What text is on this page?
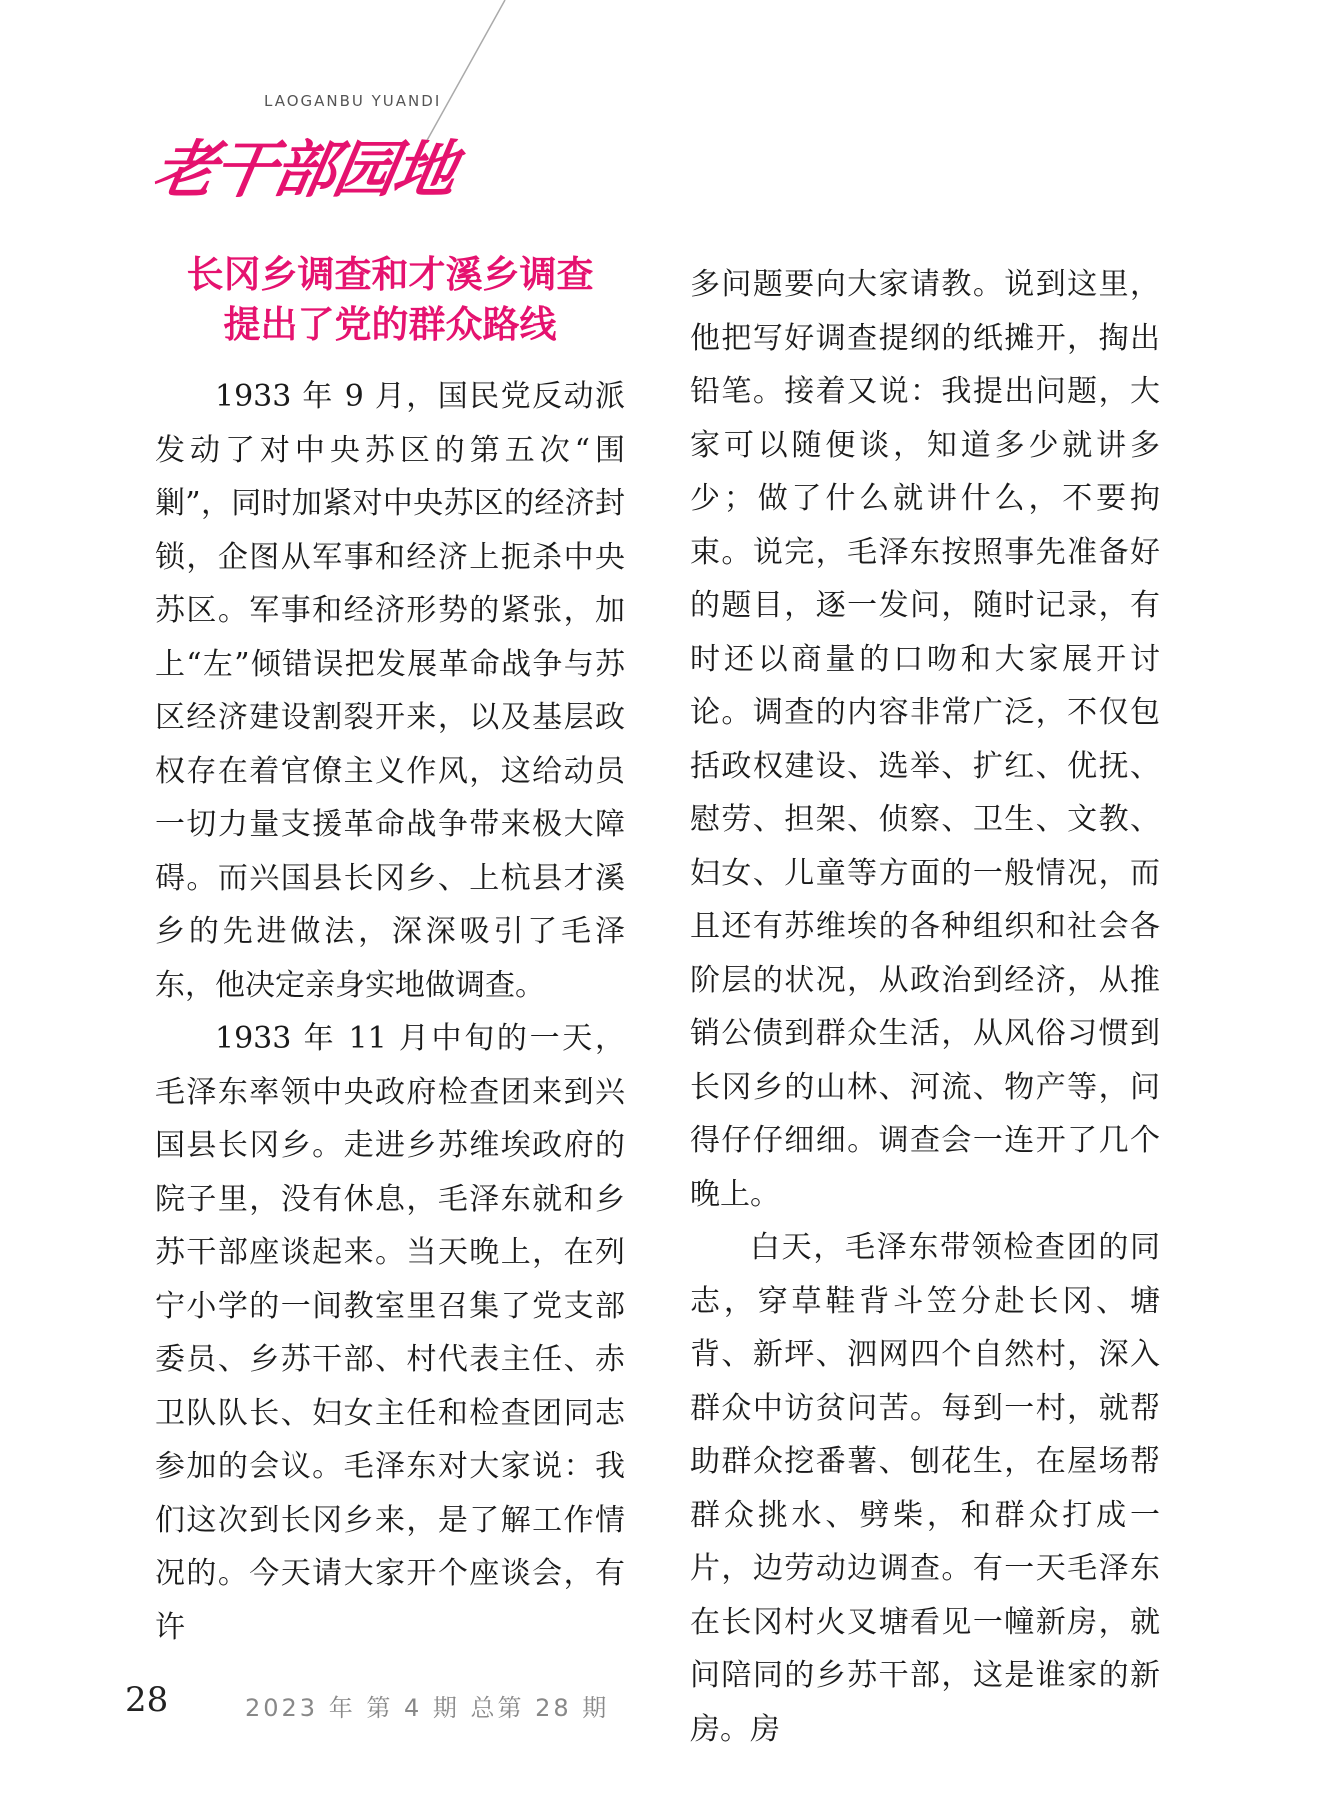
LAOGANBU YUANDI
老干部园地
长冈乡调查和才溪乡调查
提出了党的群众路线

1933 年 9 月，国民党反动派发动了对中央苏区的第五次“围剿”，同时加紧对中央苏区的经济封锁，企图从军事和经济上扼杀中央苏区。军事和经济形势的紧张，加上“左”倾错误把发展革命战争与苏区经济建设割裂开来，以及基层政权存在着官僚主义作风，这给动员一切力量支援革命战争带来极大障碍。而兴国县长冈乡、上杭县才溪乡的先进做法，深深吸引了毛泽东，他决定亲身实地做调查。

1933 年 11 月中旬的一天，毛泽东率领中央政府检查团来到兴国县长冈乡。走进乡苏维埃政府的院子里，没有休息，毛泽东就和乡苏干部座谈起来。当天晚上，在列宁小学的一间教室里召集了党支部委员、乡苏干部、村代表主任、赤卫队队长、妇女主任和检查团同志参加的会议。毛泽东对大家说：我们这次到长冈乡来，是了解工作情况的。今天请大家开个座谈会，有许

多问题要向大家请教。说到这里，他把写好调查提纲的纸摊开，掏出铅笔。接着又说：我提出问题，大家可以随便谈，知道多少就讲多少；做了什么就讲什么，不要拘束。说完，毛泽东按照事先准备好的题目，逐一发问，随时记录，有时还以商量的口吻和大家展开讨论。调查的内容非常广泛，不仅包括政权建设、选举、扩红、优抚、慰劳、担架、侦察、卫生、文教、妇女、儿童等方面的一般情况，而且还有苏维埃的各种组织和社会各阶层的状况，从政治到经济，从推销公债到群众生活，从风俗习惯到长冈乡的山林、河流、物产等，问得仔仔细细。调查会一连开了几个晚上。

白天，毛泽东带领检查团的同志，穿草鞋背斗笠分赴长冈、塘背、新坪、泗网四个自然村，深入群众中访贫问苦。每到一村，就帮助群众挖番薯、刨花生，在屋场帮群众挑水、劈柴，和群众打成一片，边劳动边调查。有一天毛泽东在长冈村火叉塘看见一幢新房，就问陪同的乡苏干部，这是谁家的新房。房

28	2023 年 第 4 期 总第 28 期
